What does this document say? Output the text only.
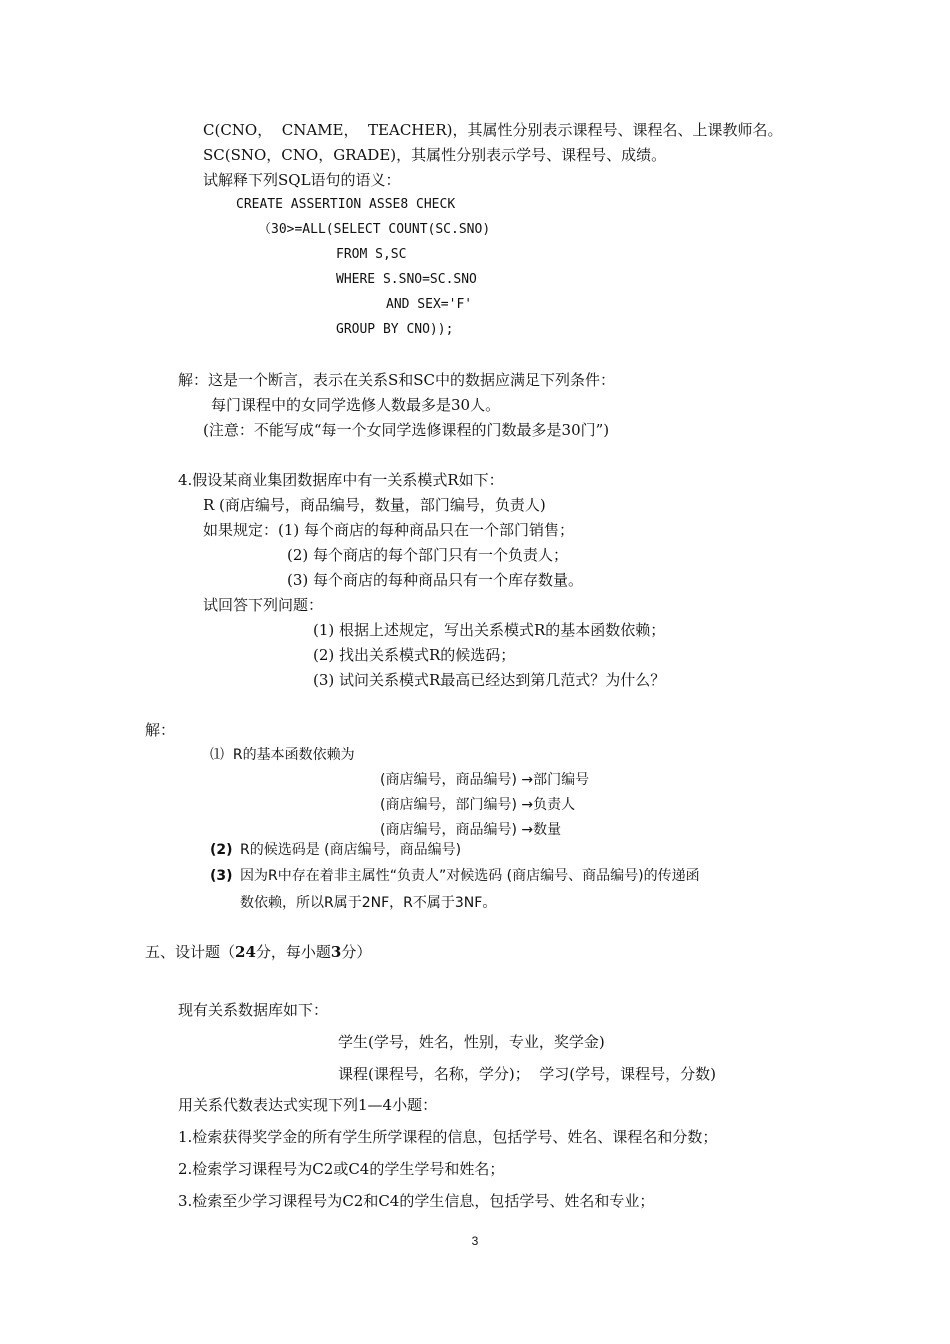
C(CNO，  CNAME，  TEACHER)，其属性分别表示课程号、课程名、上课教师名。
SC(SNO，CNO，GRADE)，其属性分别表示学号、课程号、成绩。
试解释下列SQL语句的语义：
CREATE ASSERTION ASSE8 CHECK
（30>=ALL(SELECT COUNT(SC.SNO)
FROM S,SC
WHERE S.SNO=SC.SNO
AND SEX='F'
GROUP BY CNO));
解：这是一个断言，表示在关系S和SC中的数据应满足下列条件：
每门课程中的女同学选修人数最多是30人。
(注意：不能写成“每一个女同学选修课程的门数最多是30门”)
4.假设某商业集团数据库中有一关系模式R如下：
R (商店编号，商品编号，数量，部门编号，负责人)
如果规定：(1) 每个商店的每种商品只在一个部门销售；
(2) 每个商店的每个部门只有一个负责人；
(3) 每个商店的每种商品只有一个库存数量。
试回答下列问题：
(1) 根据上述规定，写出关系模式R的基本函数依赖；
(2) 找出关系模式R的候选码；
(3) 试问关系模式R最高已经达到第几范式？为什么？
解：
⑴  R的基本函数依赖为
(商店编号，商品编号) →部门编号
(商店编号，部门编号) →负责人
(商店编号，商品编号) →数量
(2) R的候选码是 (商店编号，商品编号)
(3) 因为R中存在着非主属性“负责人”对候选码 (商店编号、商品编号)的传递函
数依赖，所以R属于2NF，R不属于3NF。
五、设计题（24分，每小题3分）
现有关系数据库如下：
学生(学号，姓名，性别，专业，奖学金)
课程(课程号，名称，学分)；  学习(学号，课程号，分数)
用关系代数表达式实现下列1—4小题：
1.检索获得奖学金的所有学生所学课程的信息，包括学号、姓名、课程名和分数；
2.检索学习课程号为C2或C4的学生学号和姓名；
3.检索至少学习课程号为C2和C4的学生信息，包括学号、姓名和专业；
3
